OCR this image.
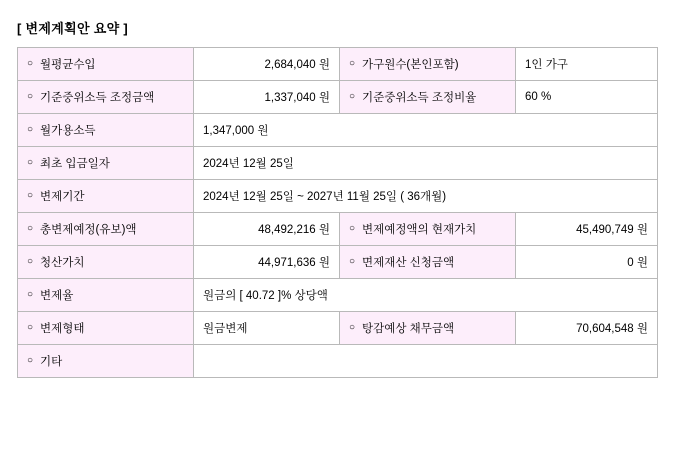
[ 변제계획안 요약 ]
○ 월평균수입	2,684,040 원	○ 가구원수(본인포함)	1인 가구

○ 기준중위소득 조정금액	1,337,040 원	○ 기준중위소득 조정비율	60 %

○ 월가용소득	1,347,000 원		

○ 최초 입금일자	2024년 12월 25일		

○ 변제기간	2024년 12월 25일 ~ 2027년 11월 25일 ( 36개월)		

○ 총변제예정(유보)액	48,492,216 원	○ 변제예정액의 현재가치	45,490,749 원

○ 청산가치	44,971,636 원	○ 면제재산 신청금액	0 원

○ 변제율	원금의 [ 40.72 ]% 상당액		

○ 변제형태	원금변제	○ 탕감예상 채무금액	70,604,548 원

○ 기타			
